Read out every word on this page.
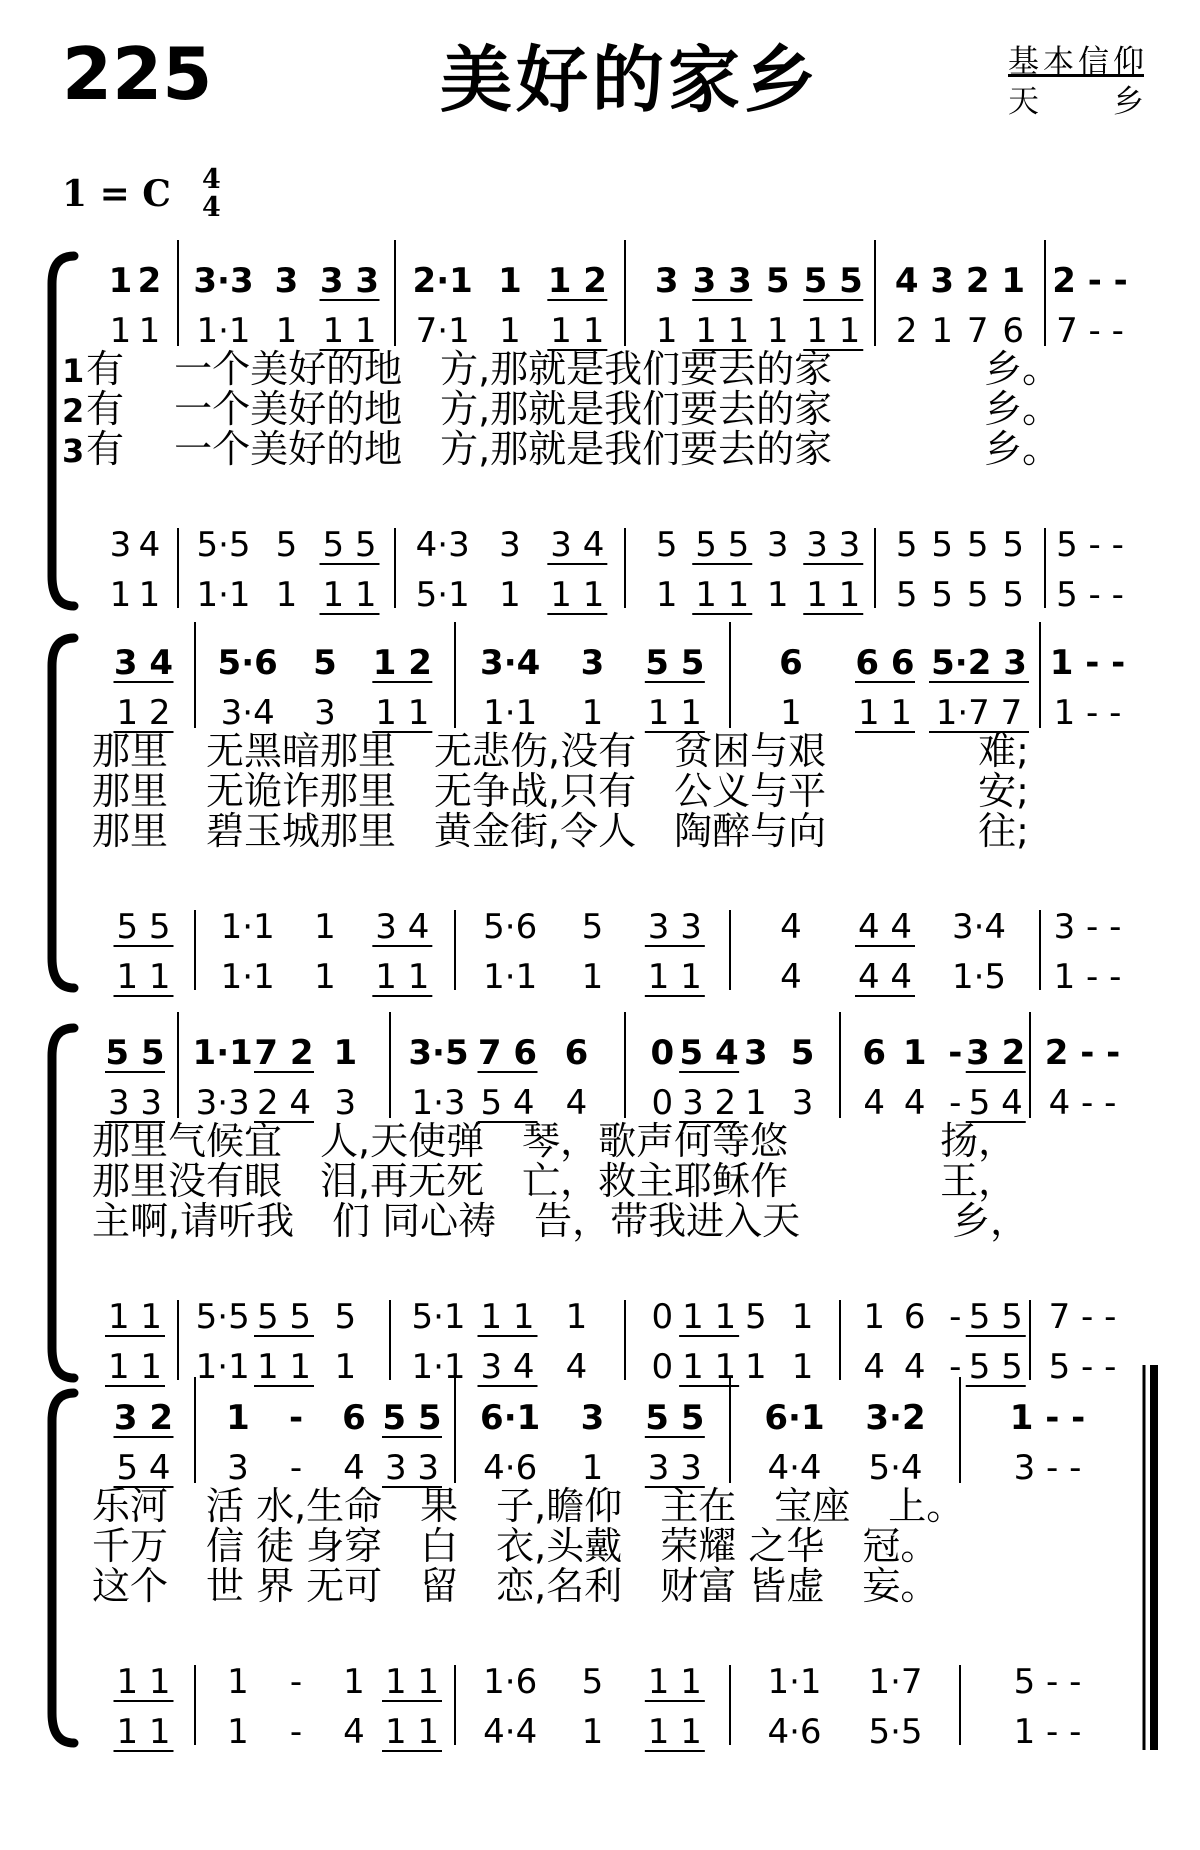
225	美好的家乡	基本信仰
天　乡
1 = C 4
4
1 2
1 1
3 4
1 1
3·3 3 3 3
1·1 1 1 1
5·5 5 5 5
1·1 1 1 1
2·1 1 1 2
7·1 1 1 1
4·3 3 3 4
5·1 1 1 1
3 3 3 5 5 5
1 1 1 1 1 1
5 5 5 3 3 3
1 1 1 1 1 1
4 3 2 1
2 1 7 6
5 5 5 5
5 5 5 5
2 - -
7 - -
5 - -
5 - -
1 有　 一个美好的地　方,那就是我们要去的家　　　　乡。
2 有　 一个美好的地　方,那就是我们要去的家　　　　乡。
3 有　 一个美好的地　方,那就是我们要去的家　　　　乡。
3 4
1 2
5 5
1 1
5·6 5 1 2
3·4 3 1 1
1·1 1 3 4
1·1 1 1 1
3·4 3 5 5
1·1 1 1 1
5·6 5 3 3
1·1 1 1 1
6 6 6 5·2 3
1 1 1 1·7 7
4 4 4 3·4
4 4 4 1·5
1 - -
1 - -
3 - -
1 - -
那里　无黑暗那里　无悲伤,没有　贫困与艰　　　　难;
那里　无诡诈那里　无争战,只有　公义与平　　　　安;
那里　碧玉城那里　黄金街,令人　陶醉与向　　　　往;
5 5
3 3
1 1
1 1
1·1 7 2 1
3·3 2 4 3
5·5 5 5 5
1·1 1 1 1
3·5 7 6 6
1·3 5 4 4
5·1 1 1 1
1·1 3 4 4
0 5 4 3 5
0 3 2 1 3
0 1 1 5 1
0 1 1 1 1
6 1 - 3 2
4 4 - 5 4
1 6 - 5 5
4 4 - 5 5
2 - -
4 - -
7 - -
5 - -
那里气候宜　人,天使弹　琴，歌声何等悠　　　　扬，
那里没有眼　泪,再无死　亡，救主耶稣作　　　　王，
主啊,请听我　们 同心祷　告，带我进入天　　　　乡，
3 2
5 4
1 1
1 1
1 - 6 5 5
3 - 4 3 3
1 - 1 1 1
1 - 4 1 1
6·1 3 5 5
4·6 1 3 3
1·6 5 1 1
4·4 1 1 1
6·1 3·2
4·4 5·4
1·1 1·7
4·6 5·5
1 - -
3 - -
5 - -
1 - -
乐河　活 水,生命　果　子,瞻仰　主在　宝座　上。
千万　信 徒 身穿　白　衣,头戴　荣耀 之华　冠。
这个　世 界 无可　留　恋,名利　财富 皆虚　妄。
